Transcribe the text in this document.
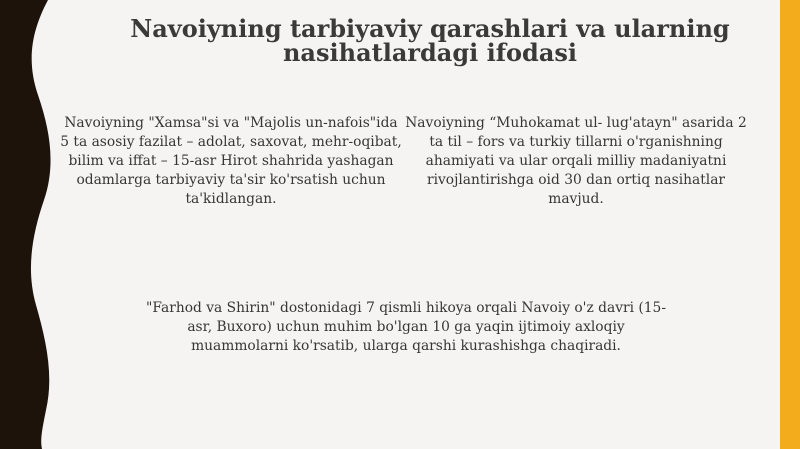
Navoiyning tarbiyaviy qarashlari va ularning nasihatlardagi ifodasi

Navoiyning "Xamsa"si va "Majolis un-nafois"ida 5 ta asosiy fazilat – adolat, saxovat, mehr-oqibat, bilim va iffat – 15-asr Hirot shahrida yashagan odamlarga tarbiyaviy ta'sir ko'rsatish uchun ta'kidlangan.

Navoiyning “Muhokamat ul- lug'atayn" asarida 2 ta til – fors va turkiy tillarni o'rganishning ahamiyati va ular orqali milliy madaniyatni rivojlantirishga oid 30 dan ortiq nasihatlar mavjud.

"Farhod va Shirin" dostonidagi 7 qismli hikoya orqali Navoiy o'z davri (15-asr, Buxoro) uchun muhim bo'lgan 10 ga yaqin ijtimoiy axloqiy muammolarni ko'rsatib, ularga qarshi kurashishga chaqiradi.
